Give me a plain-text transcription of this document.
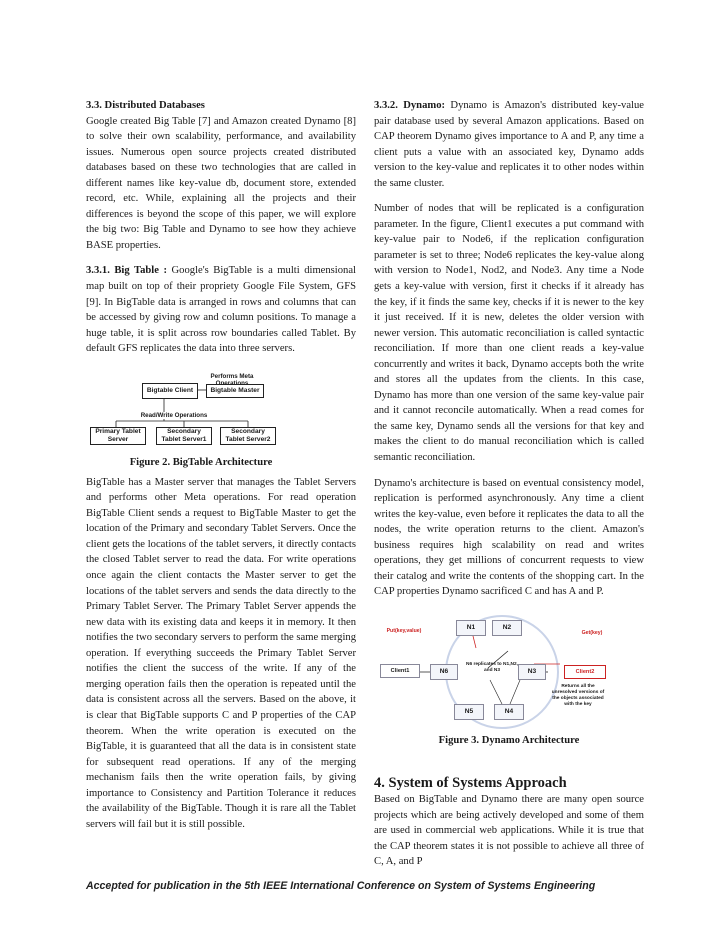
3.3. Distributed Databases
Google created Big Table [7] and Amazon created Dynamo [8] to solve their own scalability, performance, and availability issues. Numerous open source projects created distributed databases based on these two technologies that are called in different names like key-value db, document store, extended record, etc. While, explaining all the projects and their differences is beyond the scope of this paper, we will explore the big two: Big Table and Dynamo to see how they achieve BASE properties.

3.3.1. Big Table : Google's BigTable is a multi dimensional map built on top of their propriety Google File System, GFS [9]. In BigTable data is arranged in rows and columns that can be accessed by giving row and column positions. To manage a huge table, it is split across row boundaries called Tablet. By default GFS replicates the data into three servers.

Performs Meta
Bigtable Client	Bigtable Master
Read/Write Operations
Primary Tablet Server
Secondary Tablet Server1
Secondary Tablet Server2
Figure 2. BigTable Architecture

BigTable has a Master server that manages the Tablet Servers and performs other Meta operations. For read operation BigTable Client sends a request to BigTable Master to get the location of the Primary and secondary Tablet Servers. Once the client gets the locations of the tablet servers, it directly contacts the closed Tablet server to read the data. For write operations once again the client contacts the Master server to get the locations of the tablet servers and sends the data directly to the Primary Tablet Server. The Primary Tablet Server appends the new data with its existing data and keeps it in memory. It then notifies the two secondary servers to perform the same merging operation. If everything succeeds the Primary Tablet Server notifies the client the success of the write. If any of the merging operation fails then the operation is repeated until the data is consistent across all the servers. Based on the above, it is clear that BigTable supports C and P properties of the CAP theorem. When the write operation is executed on the BigTable, it is guaranteed that all the data is in consistent state for subsequent read operations. If any of the merging mechanism fails then the write operation fails, by giving importance to Consistency and Partition Tolerance it reduces the availability of the BigTable. Though it is rare all the Tablet servers will fail but it is still possible.

3.3.2. Dynamo: Dynamo is Amazon's distributed key-value pair database used by several Amazon applications. Based on CAP theorem Dynamo gives importance to A and P, any time a client puts a value with an associated key, Dynamo adds version to the key-value and replicates it to other nodes within the same cluster.

Number of nodes that will be replicated is a configuration parameter. In the figure, Client1 executes a put command with key-value pair to Node6, if the replication configuration parameter is set to three; Node6 replicates the key-value along with version to Node1, Nod2, and Node3. Any time a Node gets a key-value with version, first it checks if it already has the key, if it finds the same key, checks if it is newer to the key it just received. If it is new, deletes the older version with newer version. This automatic reconciliation is called syntactic reconciliation. If more than one client reads a key-value concurrently and writes it back, Dynamo accepts both the write and stores all the updates from the clients. In this case, Dynamo has more than one version of the same key-value pair and it cannot reconcile automatically. When a read comes for the same key, Dynamo sends all the versions for that key and makes the client to do manual reconciliation which is called semantic reconciliation.

Dynamo's architecture is based on eventual consistency model, replication is performed asynchronously. Any time a client writes the key-value, even before it replicates the data to all the nodes, the write operation returns to the client. Amazon's business requires high scalability on read and writes operations, they get millions of concurrent requests to view their catalog and write the contents of the shopping cart. In the CAP properties Dynamo sacrificed C and has A and P.

Put(key,value)	Get(key)
Client1	Client2
N1	N2
N6	N3
N5	N4
N6 replicates to N1,N2, and N3
Returns all the unresolved versions of the objects associated with the key
Figure 3. Dynamo Architecture
4. System of Systems Approach

Based on BigTable and Dynamo there are many open source projects which are being actively developed and some of them are used in commercial web applications. While it is true that the CAP theorem states it is not possible to achieve all three of C, A, and P

Accepted for publication in the 5th IEEE International Conference on System of Systems Engineering
